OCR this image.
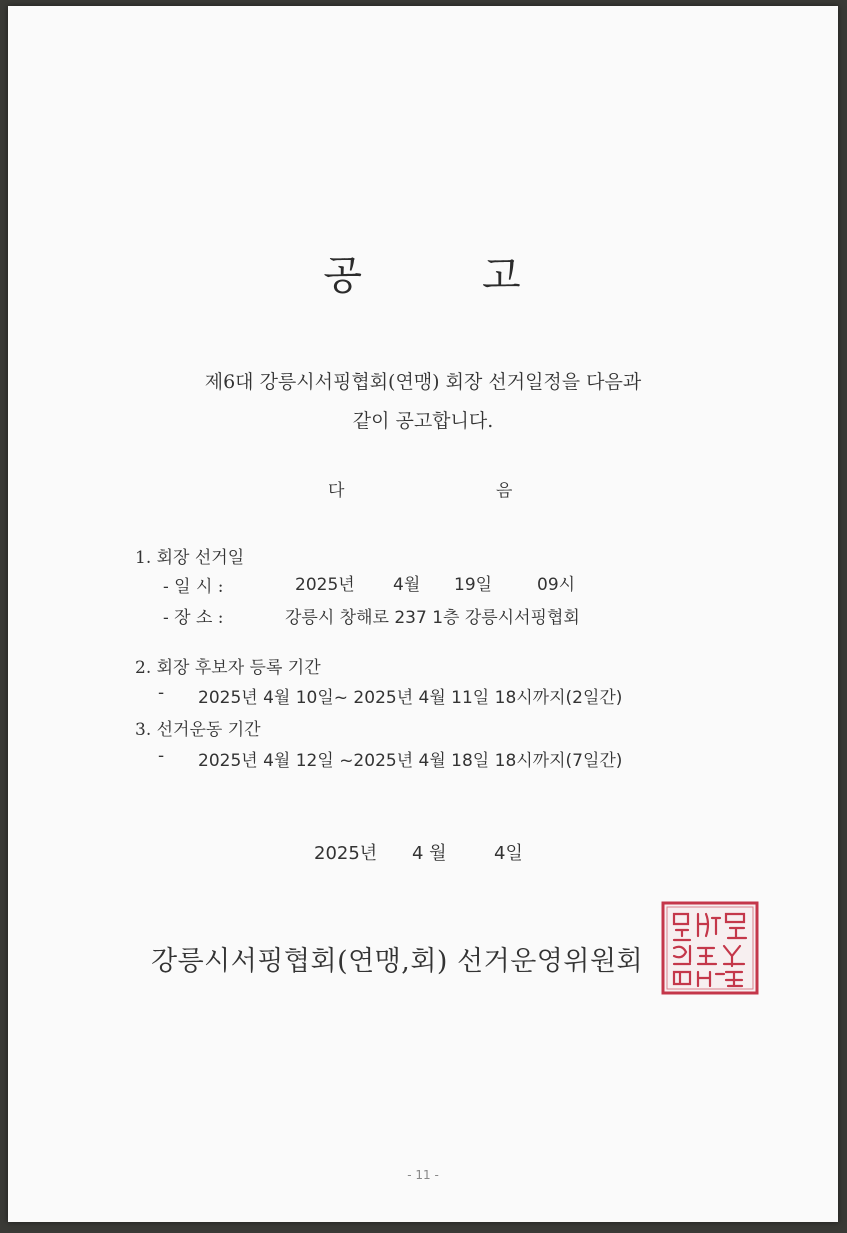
공	고
제6대 강릉시서핑협회(연맹) 회장 선거일정을 다음과
같이 공고합니다.
다	음
1. 회장 선거일
- 일 시 :	2025년 4월 19일	09시
- 장 소 :	강릉시 창해로 237 1층 강릉시서핑협회
2. 회장 후보자 등록 기간
- 2025년 4월 10일~ 2025년 4월 11일 18시까지(2일간)
3. 선거운동 기간
- 2025년 4월 12일 ~2025년 4월 18일 18시까지(7일간)
2025년 4 월	4일
강릉시서핑협회(연맹,회) 선거운영위원회
- 11 -
